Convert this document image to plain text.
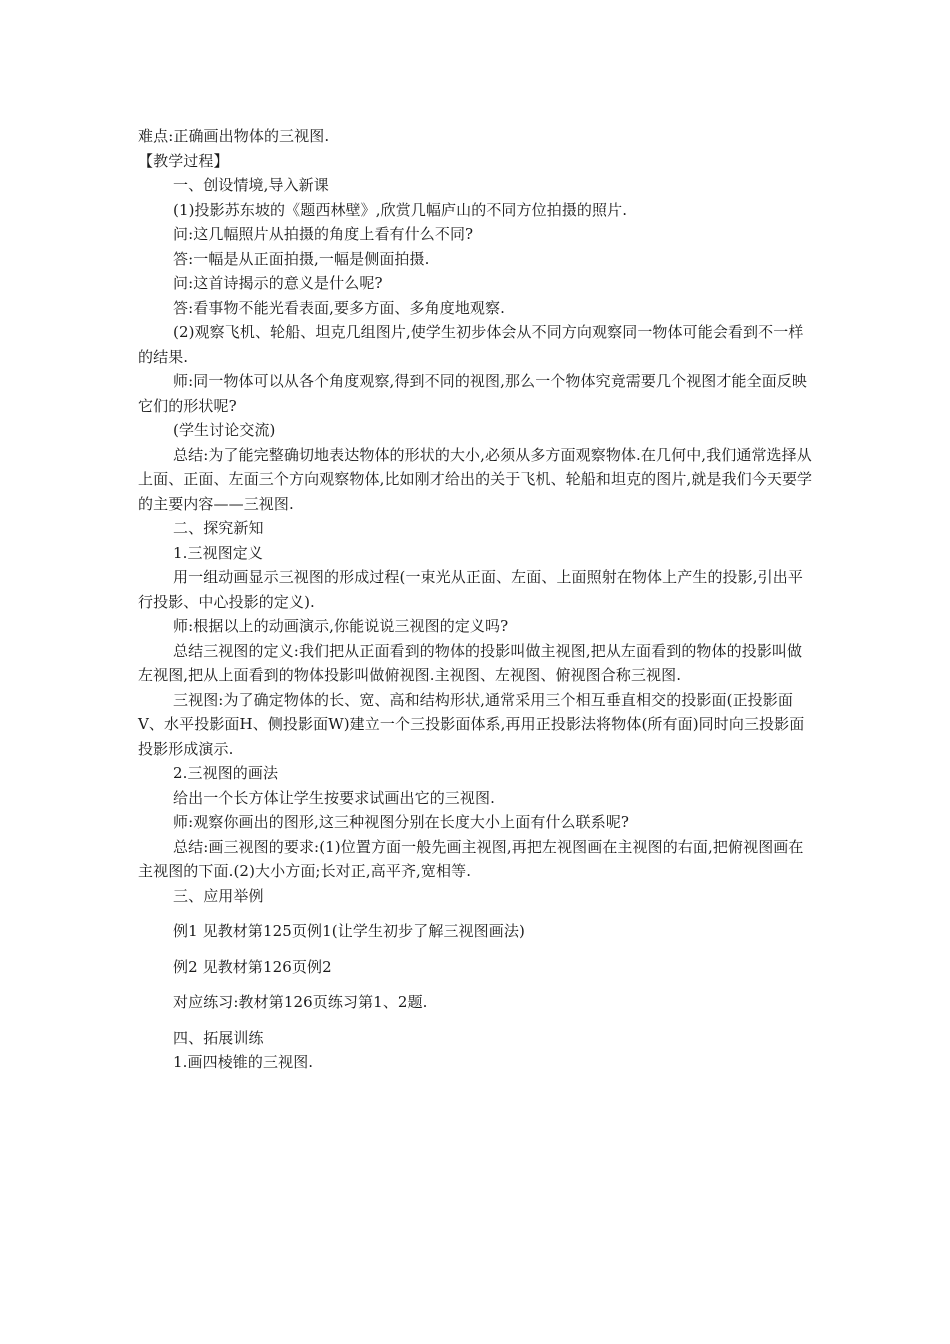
难点:正确画出物体的三视图.

【教学过程】

一、创设情境,导入新课

(1)投影苏东坡的《题西林壁》,欣赏几幅庐山的不同方位拍摄的照片.

问:这几幅照片从拍摄的角度上看有什么不同?

答:一幅是从正面拍摄,一幅是侧面拍摄.

问:这首诗揭示的意义是什么呢?

答:看事物不能光看表面,要多方面、多角度地观察.

(2)观察飞机、轮船、坦克几组图片,使学生初步体会从不同方向观察同一物体可能会看到不一样的结果.

师:同一物体可以从各个角度观察,得到不同的视图,那么一个物体究竟需要几个视图才能全面反映它们的形状呢?

(学生讨论交流)

总结:为了能完整确切地表达物体的形状的大小,必须从多方面观察物体.在几何中,我们通常选择从上面、正面、左面三个方向观察物体,比如刚才给出的关于飞机、轮船和坦克的图片,就是我们今天要学的主要内容——三视图.

二、探究新知

1.三视图定义

用一组动画显示三视图的形成过程(一束光从正面、左面、上面照射在物体上产生的投影,引出平行投影、中心投影的定义).

师:根据以上的动画演示,你能说说三视图的定义吗?

总结三视图的定义:我们把从正面看到的物体的投影叫做主视图,把从左面看到的物体的投影叫做左视图,把从上面看到的物体投影叫做俯视图.主视图、左视图、俯视图合称三视图.

三视图:为了确定物体的长、宽、高和结构形状,通常采用三个相互垂直相交的投影面(正投影面V、水平投影面H、侧投影面W)建立一个三投影面体系,再用正投影法将物体(所有面)同时向三投影面投影形成演示.

2.三视图的画法

给出一个长方体让学生按要求试画出它的三视图.

师:观察你画出的图形,这三种视图分别在长度大小上面有什么联系呢?

总结:画三视图的要求:(1)位置方面一般先画主视图,再把左视图画在主视图的右面,把俯视图画在主视图的下面.(2)大小方面;长对正,高平齐,宽相等.

三、应用举例

例1 见教材第125页例1(让学生初步了解三视图画法)

例2 见教材第126页例2

对应练习:教材第126页练习第1、2题.

四、拓展训练

1.画四棱锥的三视图.
